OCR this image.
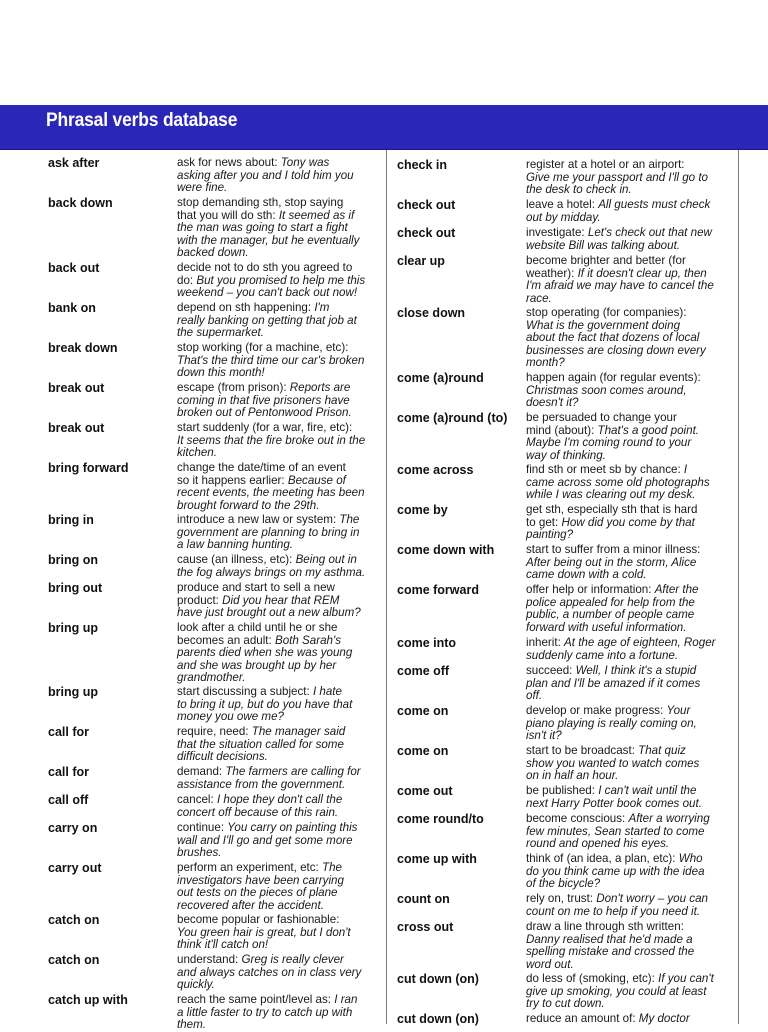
Phrasal verbs database
ask after	ask for news about: Tony was
asking after you and I told him you
were fine.
back down	stop demanding sth, stop saying
that you will do sth: It seemed as if
the man was going to start a fight
with the manager, but he eventually
backed down.
back out	decide not to do sth you agreed to
do: But you promised to help me this
weekend – you can't back out now!
bank on	depend on sth happening: I'm
really banking on getting that job at
the supermarket.
break down	stop working (for a machine, etc):
That's the third time our car's broken
down this month!
break out	escape (from prison): Reports are
coming in that five prisoners have
broken out of Pentonwood Prison.
break out	start suddenly (for a war, fire, etc):
It seems that the fire broke out in the
kitchen.
bring forward	change the date/time of an event
so it happens earlier: Because of
recent events, the meeting has been
brought forward to the 29th.
bring in	introduce a new law or system: The
government are planning to bring in
a law banning hunting.
bring on	cause (an illness, etc): Being out in
the fog always brings on my asthma.
bring out	produce and start to sell a new
product: Did you hear that REM
have just brought out a new album?
bring up	look after a child until he or she
becomes an adult: Both Sarah's
parents died when she was young
and she was brought up by her
grandmother.
bring up	start discussing a subject: I hate
to bring it up, but do you have that
money you owe me?
call for	require, need: The manager said
that the situation called for some
difficult decisions.
call for	demand: The farmers are calling for
assistance from the government.
call off	cancel: I hope they don't call the
concert off because of this rain.
carry on	continue: You carry on painting this
wall and I'll go and get some more
brushes.
carry out	perform an experiment, etc: The
investigators have been carrying
out tests on the pieces of plane
recovered after the accident.
catch on	become popular or fashionable:
You green hair is great, but I don't
think it'll catch on!
catch on	understand: Greg is really clever
and always catches on in class very
quickly.
catch up with	reach the same point/level as: I ran
a little faster to try to catch up with
them.
check in	register at a hotel or an airport:
Give me your passport and I'll go to
the desk to check in.
check out	leave a hotel: All guests must check
out by midday.
check out	investigate: Let's check out that new
website Bill was talking about.
clear up	become brighter and better (for
weather): If it doesn't clear up, then
I'm afraid we may have to cancel the
race.
close down	stop operating (for companies):
What is the government doing
about the fact that dozens of local
businesses are closing down every
month?
come (a)round	happen again (for regular events):
Christmas soon comes around,
doesn't it?
come (a)round (to) be persuaded to change your
mind (about): That's a good point.
Maybe I'm coming round to your
way of thinking.
come across	find sth or meet sb by chance: I
came across some old photographs
while I was clearing out my desk.
come by	get sth, especially sth that is hard
to get: How did you come by that
painting?
come down with	start to suffer from a minor illness:
After being out in the storm, Alice
came down with a cold.
come forward	offer help or information: After the
police appealed for help from the
public, a number of people came
forward with useful information.
come into	inherit: At the age of eighteen, Roger
suddenly came into a fortune.
come off	succeed: Well, I think it's a stupid
plan and I'll be amazed if it comes
off.
come on	develop or make progress: Your
piano playing is really coming on,
isn't it?
come on	start to be broadcast: That quiz
show you wanted to watch comes
on in half an hour.
come out	be published: I can't wait until the
next Harry Potter book comes out.
come round/to	become conscious: After a worrying
few minutes, Sean started to come
round and opened his eyes.
come up with	think of (an idea, a plan, etc): Who
do you think came up with the idea
of the bicycle?
count on	rely on, trust: Don't worry – you can
count on me to help if you need it.
cross out	draw a line through sth written:
Danny realised that he'd made a
spelling mistake and crossed the
word out.
cut down (on)	do less of (smoking, etc): If you can't
give up smoking, you could at least
try to cut down.
cut down (on)	reduce an amount of: My doctor
